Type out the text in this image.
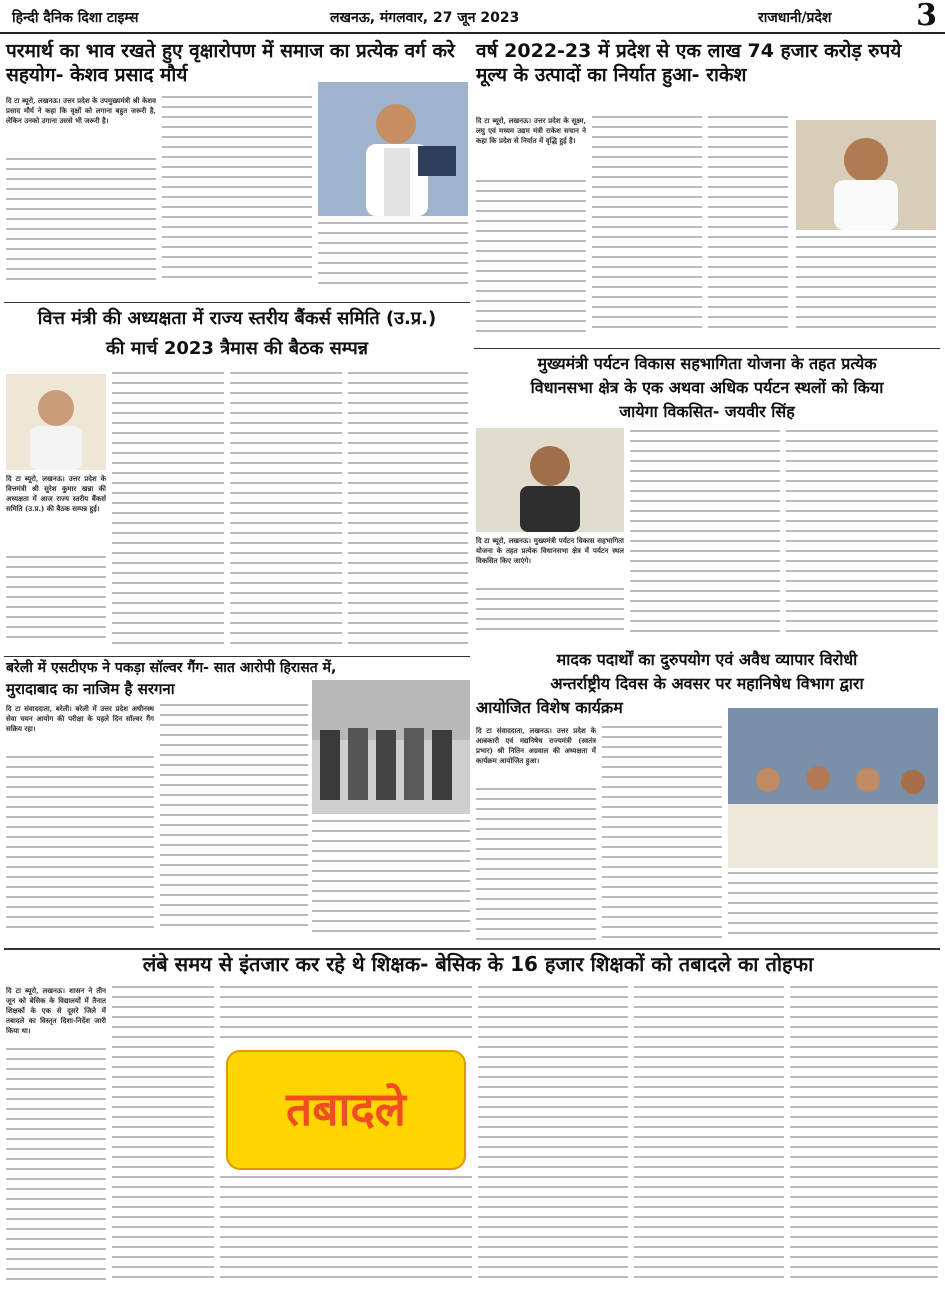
हिन्दी दैनिक दिशा टाइम्स	लखनऊ, मंगलवार, 27 जून 2023	राजधानी/प्रदेश	3
परमार्थ का भाव रखते हुए वृक्षारोपण में समाज का प्रत्येक वर्ग करे सहयोग- केशव प्रसाद मौर्य
दि टा ब्यूरो, लखनऊ। उत्तर प्रदेश के उपमुख्यमंत्री श्री केशव प्रसाद मौर्य ने कहा कि वृक्षों को लगाना बहुत जरूरी है, लेकिन उनको उगाना उससे भी जरूरी है।
वर्ष 2022-23 में प्रदेश से एक लाख 74 हजार करोड़ रुपये मूल्य के उत्पादों का निर्यात हुआ- राकेश
दि टा ब्यूरो, लखनऊ। उत्तर प्रदेश के सूक्ष्म, लघु एवं मध्यम उद्यम मंत्री राकेश सचान ने कहा कि प्रदेश से निर्यात में वृद्धि हुई है।
वित्त मंत्री की अध्यक्षता में राज्य स्तरीय बैंकर्स समिति (उ.प्र.)
की मार्च 2023 त्रैमास की बैठक सम्पन्न
दि टा ब्यूरो, लखनऊ। उत्तर प्रदेश के वित्तमंत्री श्री सुरेश कुमार खन्ना की अध्यक्षता में आज राज्य स्तरीय बैंकर्स समिति (उ.प्र.) की बैठक सम्पन्न हुई।
मुख्यमंत्री पर्यटन विकास सहभागिता योजना के तहत प्रत्येक
विधानसभा क्षेत्र के एक अथवा अधिक पर्यटन स्थलों को किया
जायेगा विकसित- जयवीर सिंह
दि टा ब्यूरो, लखनऊ। मुख्यमंत्री पर्यटन विकास सहभागिता योजना के तहत प्रत्येक विधानसभा क्षेत्र में पर्यटन स्थल विकसित किए जाएंगे।
मादक पदार्थों का दुरुपयोग एवं अवैध व्यापार विरोधी
अन्तर्राष्ट्रीय दिवस के अवसर पर महानिषेध विभाग द्वारा
आयोजित विशेष कार्यक्रम
दि टा संवाददाता, लखनऊ। उत्तर प्रदेश के आबकारी एवं मद्यनिषेध राज्यमंत्री (स्वतंत्र प्रभार) श्री नितिन अग्रवाल की अध्यक्षता में कार्यक्रम आयोजित हुआ।
बरेली में एसटीएफ ने पकड़ा सॉल्वर गैंग- सात आरोपी हिरासत में,
मुरादाबाद का नाजिम है सरगना
दि टा संवाददाता, बरेली। बरेली में उत्तर प्रदेश अधीनस्थ सेवा चयन आयोग की परीक्षा के पहले दिन सॉल्वर गैंग सक्रिय रहा।
लंबे समय से इंतजार कर रहे थे शिक्षक- बेसिक के 16 हजार शिक्षकों को तबादले का तोहफा
दि टा ब्यूरो, लखनऊ। शासन ने तीन जून को बेसिक के विद्यालयों में तैनात शिक्षकों के एक से दूसरे जिले में तबादले का विस्तृत दिशा-निर्देश जारी किया था।
तबादले
